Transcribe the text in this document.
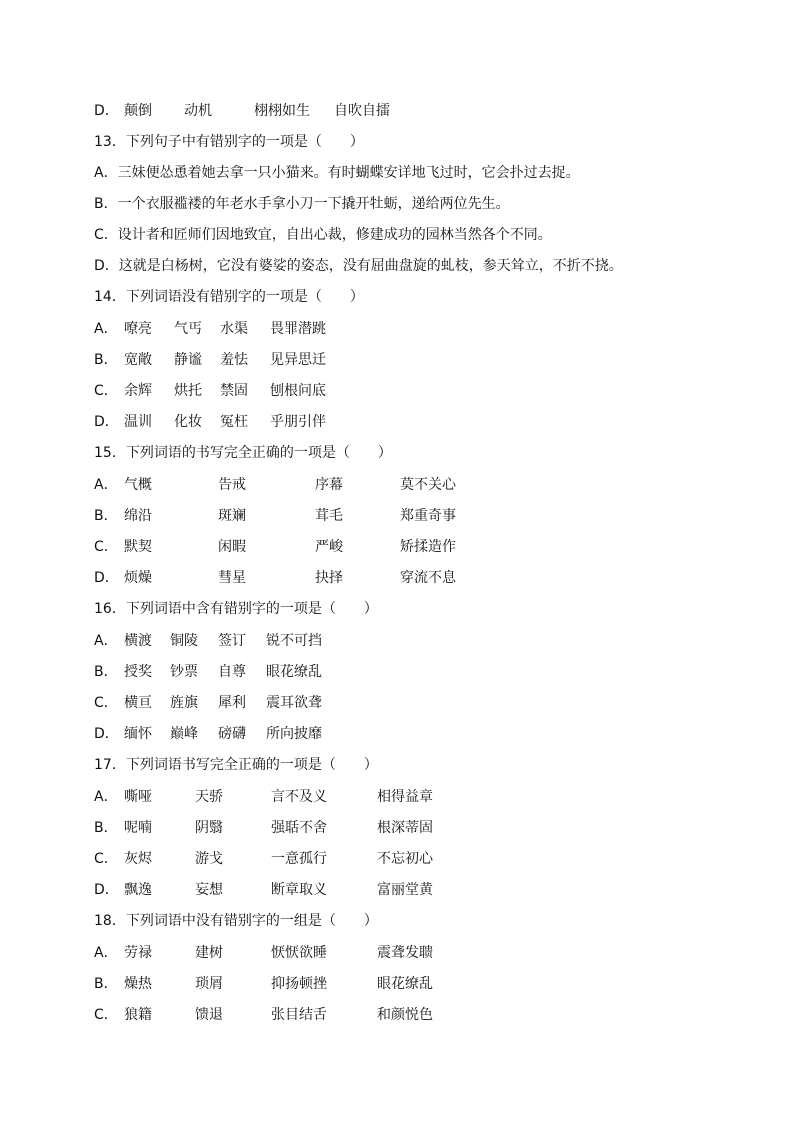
D． 颠倒 动机	栩栩如生 自吹自擂
13．下列句子中有错别字的一项是（　　）
A．三妹便怂恿着她去拿一只小猫来。有时蝴蝶安详地飞过时，它会扑过去捉。
B．一个衣服褴褛的年老水手拿小刀一下撬开牡蛎，递给两位先生。
C．设计者和匠师们因地致宜，自出心裁，修建成功的园林当然各个不同。
D．这就是白杨树，它没有婆娑的姿态，没有屈曲盘旋的虬枝，参天耸立，不折不挠。
14．下列词语没有错别字的一项是（　　）
A． 嘹亮 气丐 水渠 畏罪潜跳
B． 宽敞 静谧 羞怯 见异思迁
C． 余辉 烘托 禁固 刨根问底
D． 温训 化妆 冤枉 乎朋引伴
15．下列词语的书写完全正确的一项是（　　）
A． 气概	告戒	序幕	莫不关心
B． 绵沿	斑斓	茸毛	郑重奇事
C． 默契	闲暇	严峻	矫揉造作
D． 烦燥	彗星	抉择	穿流不息
16．下列词语中含有错别字的一项是（　　）
A． 横渡 铜陵 签订 锐不可挡
B． 授奖 钞票 自尊 眼花缭乱
C． 横亘 旌旗 犀利 震耳欲聋
D． 缅怀 巅峰 磅礴 所向披靡
17．下列词语书写完全正确的一项是（　　）
A． 嘶哑	天骄	言不及义	相得益章
B． 呢喃	阴翳	强聒不舍	根深蒂固
C． 灰烬	游戈	一意孤行	不忘初心
D． 飘逸	妄想	断章取义	富丽堂黄
18．下列词语中没有错别字的一组是（　　）
A． 劳禄	建树	恹恹欲睡	震聋发聩
B． 燥热	琐屑	抑扬顿挫	眼花缭乱
C． 狼籍	馈退	张目结舌	和颜悦色
